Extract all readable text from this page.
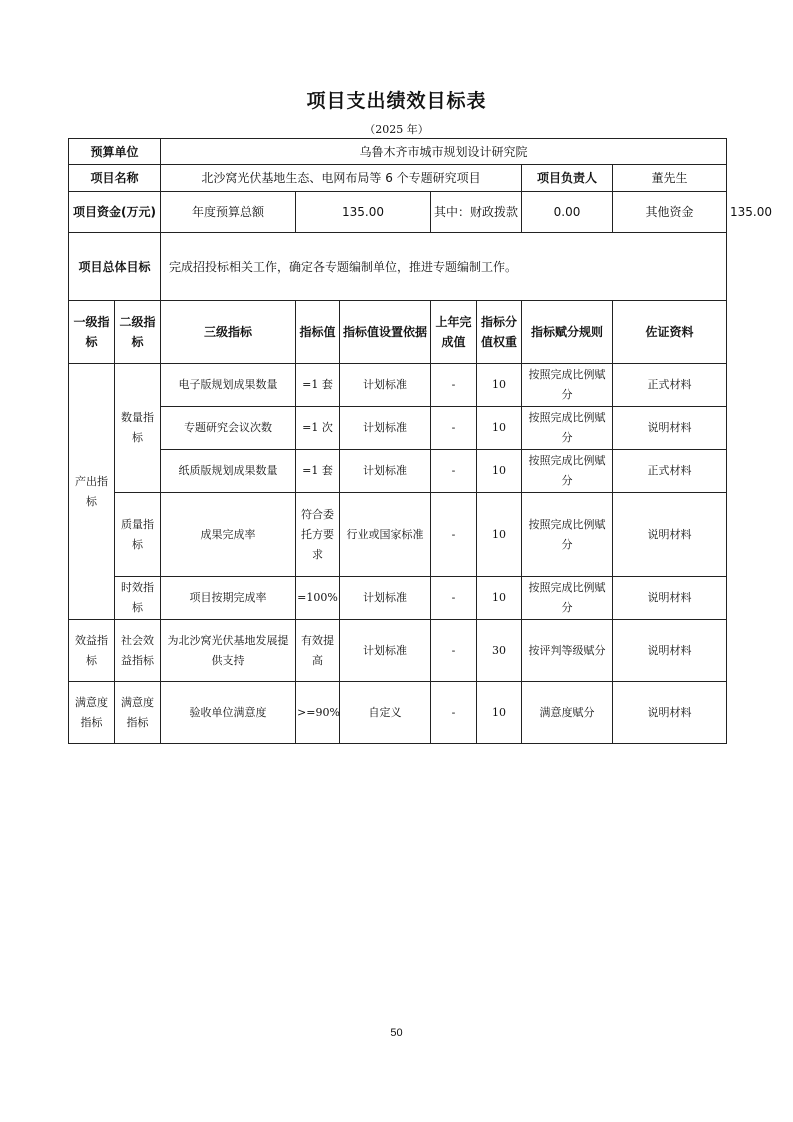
项目支出绩效目标表
（2025 年）
预算单位		乌鲁木齐市城市规划设计研究院							
项目名称		北沙窝光伏基地生态、电网布局等 6 个专题研究项目					项目负责人	董先生	
项目资金(万元)		年度预算总额	135.00		其中：财政拨款		0.00	其他资金	135.00
项目总体目标		完成招投标相关工作，确定各专题编制单位，推进专题编制工作。							
一级指标	二级指标	三级指标	指标值	指标值设置依据	上年完成值	指标分值权重	指标赋分规则	佐证资料	
产出指标	数量指标	电子版规划成果数量	=1 套	计划标准	-	10	按照完成比例赋分	正式材料	
		专题研究会议次数	=1 次	计划标准	-	10	按照完成比例赋分	说明材料	
		纸质版规划成果数量	=1 套	计划标准	-	10	按照完成比例赋分	正式材料	
	质量指标	成果完成率	符合委托方要求	行业或国家标准	-	10	按照完成比例赋分	说明材料	
	时效指标	项目按期完成率	=100%	计划标准	-	10	按照完成比例赋分	说明材料	
效益指标	社会效益指标	为北沙窝光伏基地发展提供支持	有效提高	计划标准	-	30	按评判等级赋分	说明材料	
满意度指标	满意度指标	验收单位满意度	>=90%	自定义	-	10	满意度赋分	说明材料	
50
